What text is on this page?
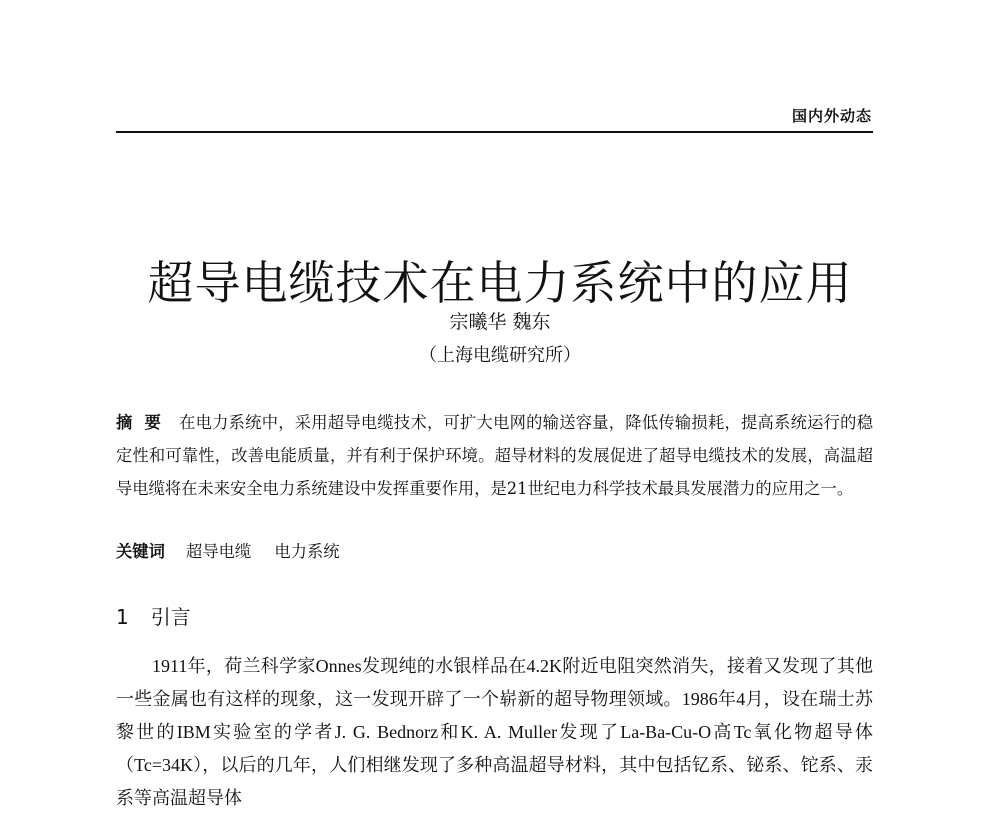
国内外动态
超导电缆技术在电力系统中的应用
宗曦华 魏东
（上海电缆研究所）

摘要 在电力系统中，采用超导电缆技术，可扩大电网的输送容量，降低传输损耗，提高系统运行的稳定性和可靠性，改善电能质量，并有利于保护环境。超导材料的发展促进了超导电缆技术的发展，高温超导电缆将在未来安全电力系统建设中发挥重要作用，是21世纪电力科学技术最具发展潜力的应用之一。

关键词 超导电缆 电力系统
1 引言

1911年，荷兰科学家Onnes发现纯的水银样品在4.2K附近电阻突然消失，接着又发现了其他一些金属也有这样的现象，这一发现开辟了一个崭新的超导物理领域。1986年4月，设在瑞士苏黎世的IBM实验室的学者J. G. Bednorz和K. A. Muller发现了La-Ba-Cu-O高Tc氧化物超导体（Tc=34K），以后的几年，人们相继发现了多种高温超导材料，其中包括钇系、铋系、铊系、汞系等高温超导体
